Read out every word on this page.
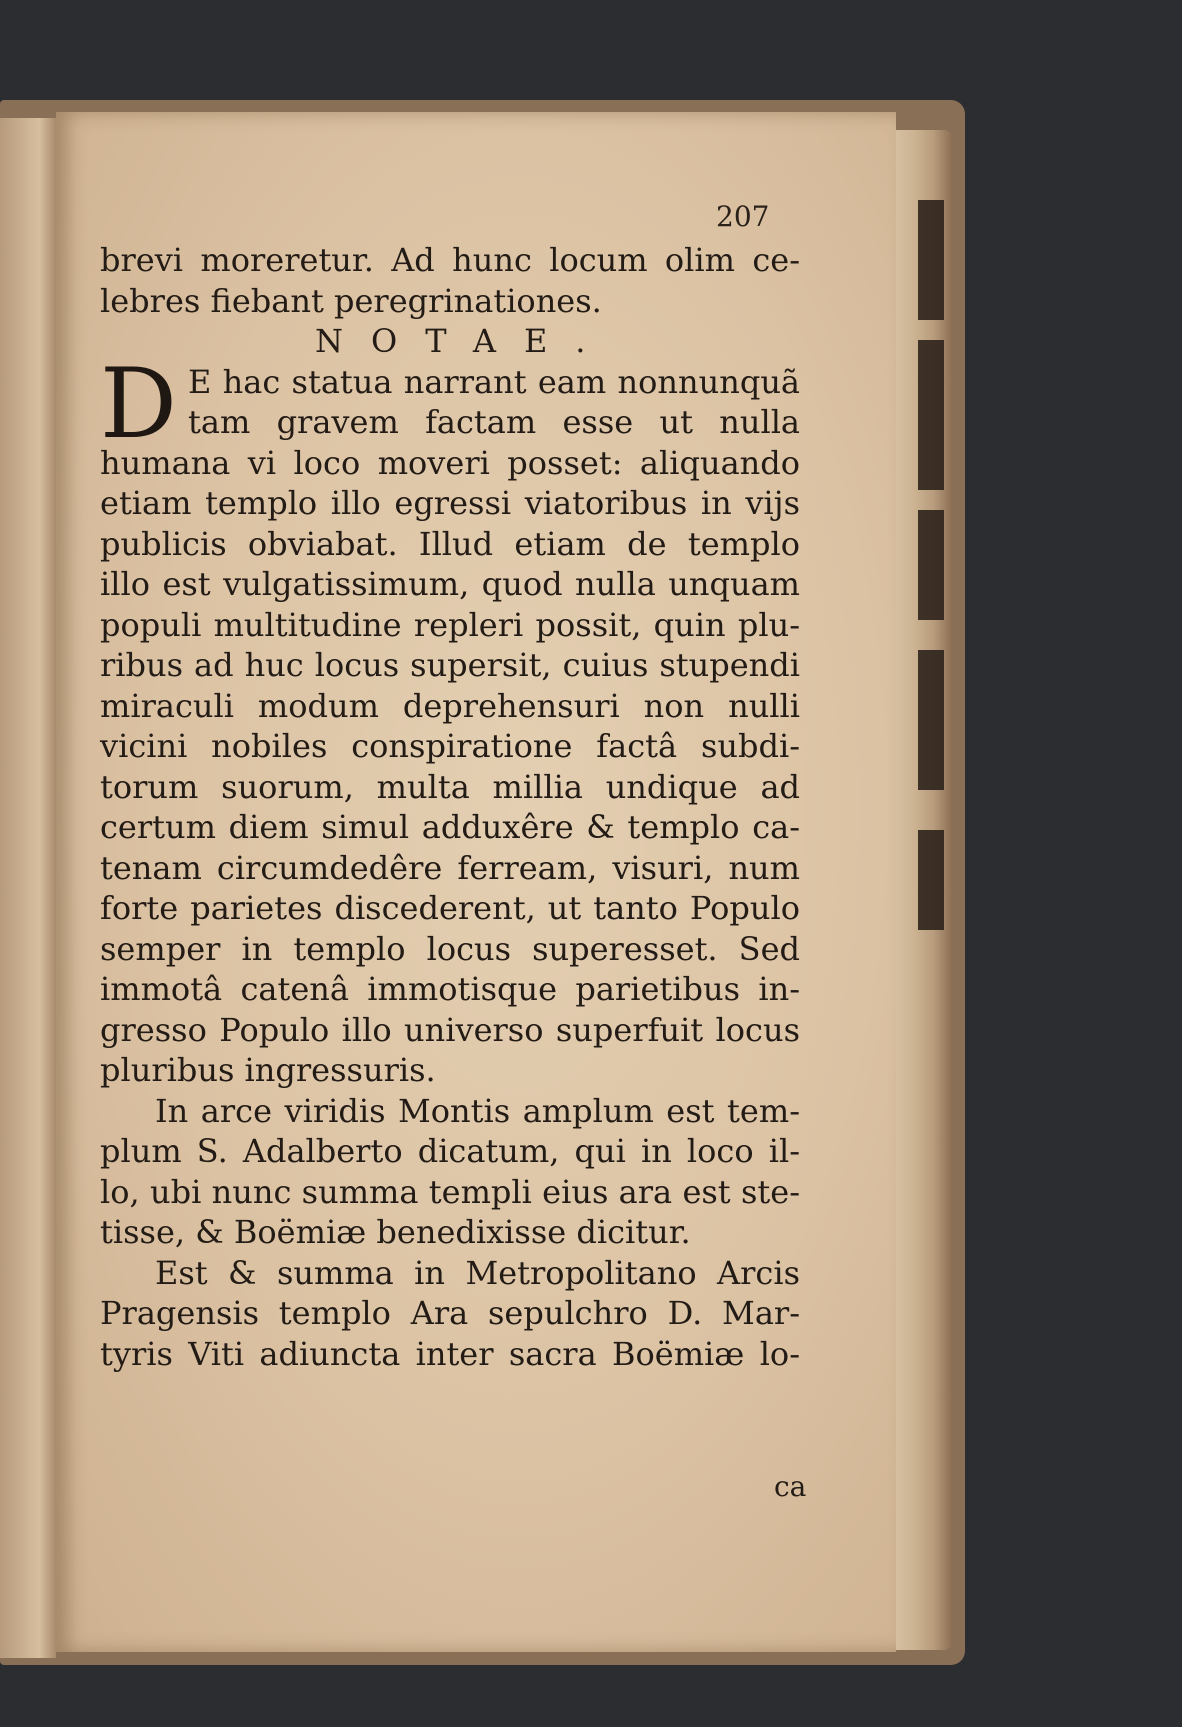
207
brevi moreretur. Ad hunc locum olim ce-
lebres fiebant peregrinationes.
NOTAE.
D E hac statua narrant eam nonnunquã
tam gravem factam esse ut nulla
humana vi loco moveri posset: aliquando
etiam templo illo egressi viatoribus in vijs
publicis obviabat. Illud etiam de templo
illo est vulgatissimum, quod nulla unquam
populi multitudine repleri possit, quin plu-
ribus ad huc locus supersit, cuius stupendi
miraculi modum deprehensuri non nulli
vicini nobiles conspiratione factâ subdi-
torum suorum, multa millia undique ad
certum diem simul adduxêre & templo ca-
tenam circumdedêre ferream, visuri, num
forte parietes discederent, ut tanto Populo
semper in templo locus superesset. Sed
immotâ catenâ immotisque parietibus in-
gresso Populo illo universo superfuit locus
pluribus ingressuris.
In arce viridis Montis amplum est tem-
plum S. Adalberto dicatum, qui in loco il-
lo, ubi nunc summa templi eius ara est ste-
tisse, & Boëmiæ benedixisse dicitur.
Est & summa in Metropolitano Arcis
Pragensis templo Ara sepulchro D. Mar-
tyris Viti adiuncta inter sacra Boëmiæ lo-
ca
